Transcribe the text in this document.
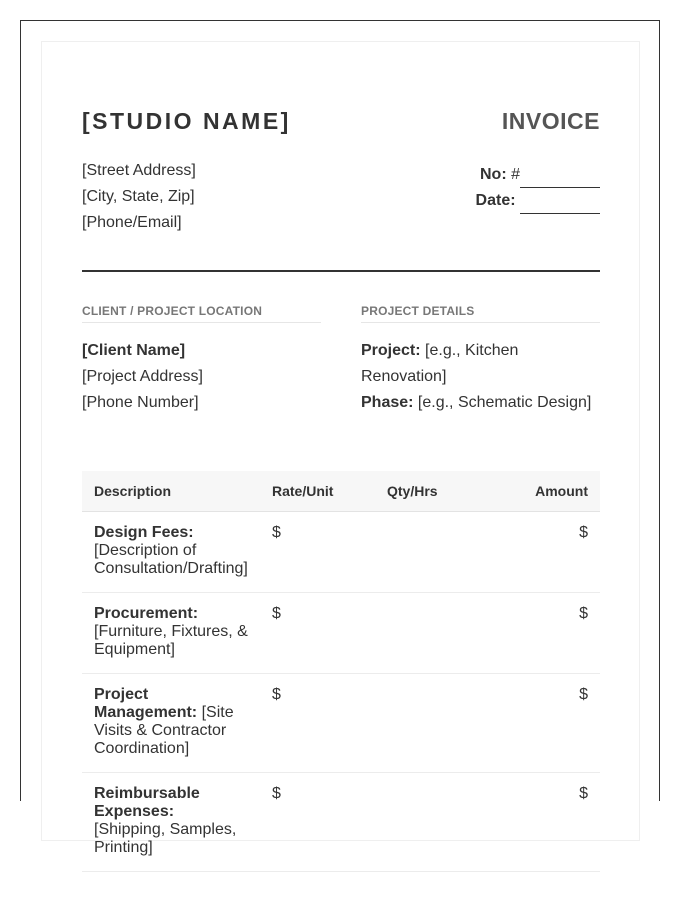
[STUDIO NAME]	INVOICE
[Street Address]
[City, State, Zip]
[Phone/Email]
No: #
Date:
CLIENT / PROJECT LOCATION	PROJECT DETAILS
[Client Name]
[Project Address]
[Phone Number]
Project: [e.g., Kitchen
Renovation]
Phase: [e.g., Schematic Design]
Description	Rate/Unit	Qty/Hrs	Amount
Design Fees:
[Description of Consultation/Drafting]	$		$
Procurement:
[Furniture, Fixtures, & Equipment]	$		$
Project Management: [Site Visits & Contractor Coordination]	$		$
Reimbursable Expenses:
[Shipping, Samples, Printing]	$		$
